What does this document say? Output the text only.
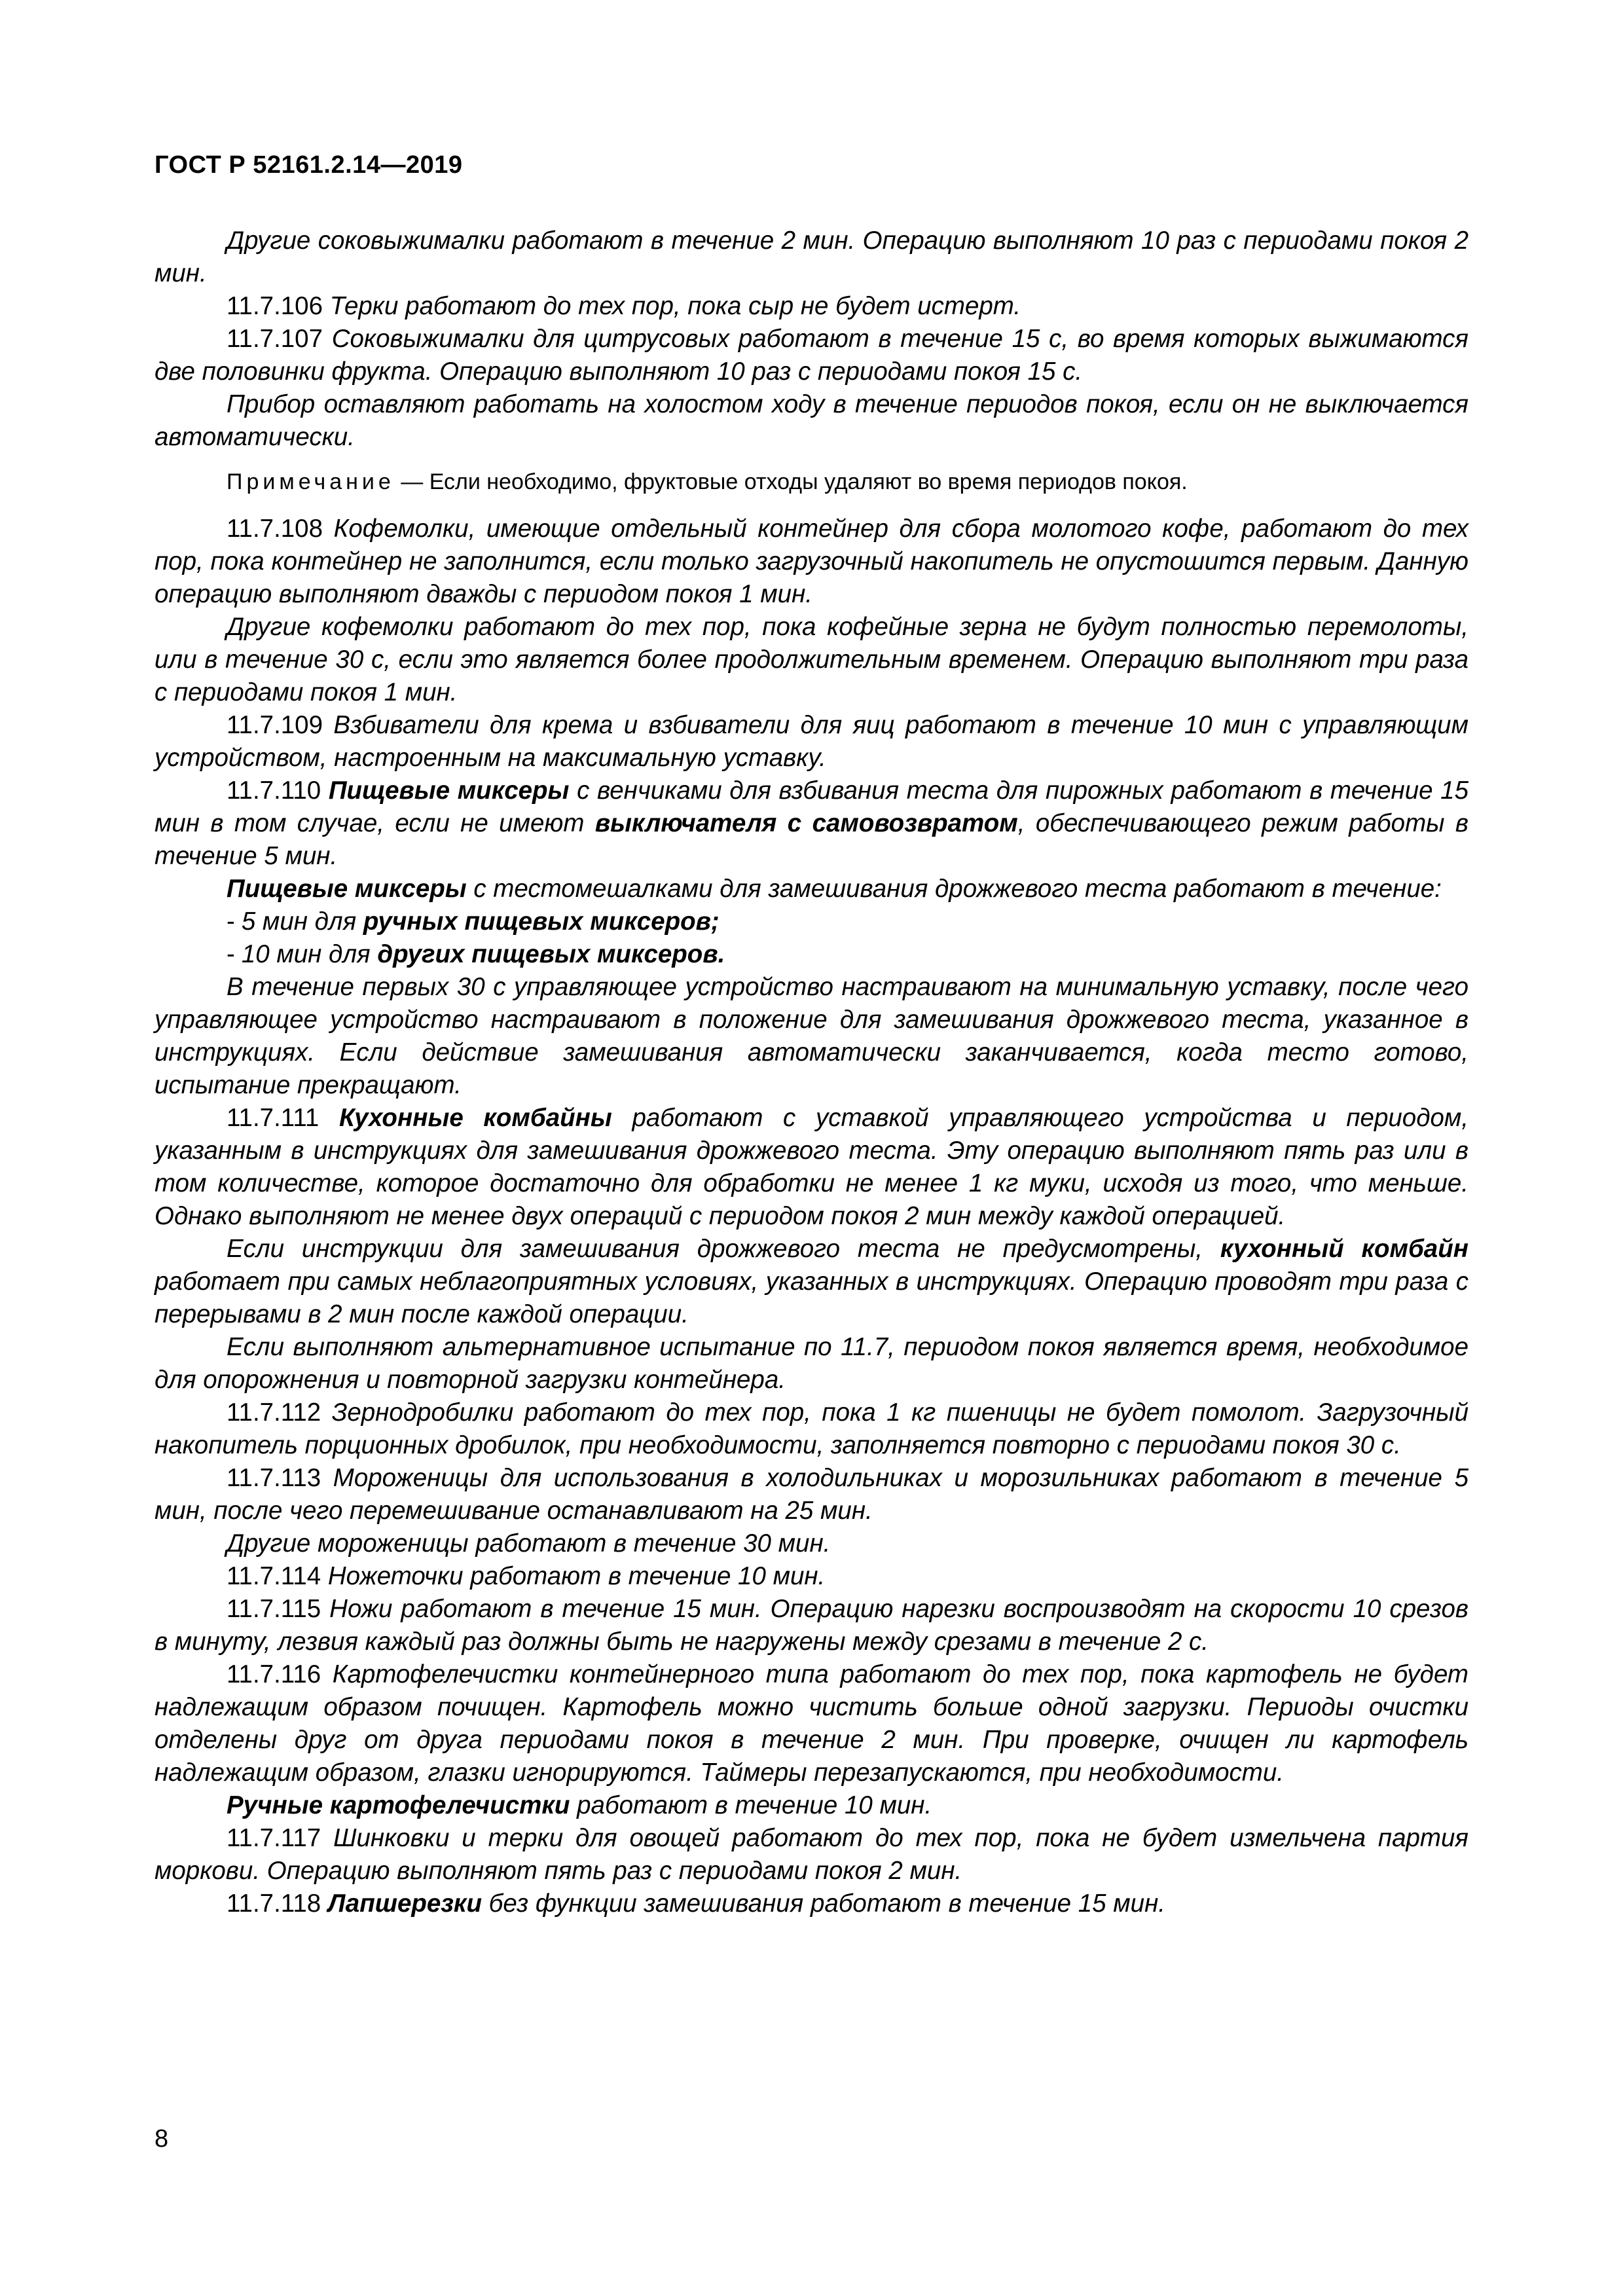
ГОСТ Р 52161.2.14—2019

Другие соковыжималки работают в течение 2 мин. Операцию выполняют 10 раз с периодами покоя 2 мин.

11.7.106 Терки работают до тех пор, пока сыр не будет истерт.

11.7.107 Соковыжималки для цитрусовых работают в течение 15 с, во время которых выжимаются две половинки фрукта. Операцию выполняют 10 раз с периодами покоя 15 с.

Прибор оставляют работать на холостом ходу в течение периодов покоя, если он не выключается автоматически.

Примечание — Если необходимо, фруктовые отходы удаляют во время периодов покоя.

11.7.108 Кофемолки, имеющие отдельный контейнер для сбора молотого кофе, работают до тех пор, пока контейнер не заполнится, если только загрузочный накопитель не опустошится первым. Данную операцию выполняют дважды с периодом покоя 1 мин.

Другие кофемолки работают до тех пор, пока кофейные зерна не будут полностью перемолоты, или в течение 30 с, если это является более продолжительным временем. Операцию выполняют три раза с периодами покоя 1 мин.

11.7.109 Взбиватели для крема и взбиватели для яиц работают в течение 10 мин с управляющим устройством, настроенным на максимальную уставку.

11.7.110 Пищевые миксеры с венчиками для взбивания теста для пирожных работают в течение 15 мин в том случае, если не имеют выключателя с самовозвратом, обеспечивающего режим работы в течение 5 мин.

Пищевые миксеры с тестомешалками для замешивания дрожжевого теста работают в течение:

- 5 мин для ручных пищевых миксеров;

- 10 мин для других пищевых миксеров.

В течение первых 30 с управляющее устройство настраивают на минимальную уставку, после чего управляющее устройство настраивают в положение для замешивания дрожжевого теста, указанное в инструкциях. Если действие замешивания автоматически заканчивается, когда тесто готово, испытание прекращают.

11.7.111 Кухонные комбайны работают с уставкой управляющего устройства и периодом, указанным в инструкциях для замешивания дрожжевого теста. Эту операцию выполняют пять раз или в том количестве, которое достаточно для обработки не менее 1 кг муки, исходя из того, что меньше. Однако выполняют не менее двух операций с периодом покоя 2 мин между каждой операцией.

Если инструкции для замешивания дрожжевого теста не предусмотрены, кухонный комбайн работает при самых неблагоприятных условиях, указанных в инструкциях. Операцию проводят три раза с перерывами в 2 мин после каждой операции.

Если выполняют альтернативное испытание по 11.7, периодом покоя является время, необходимое для опорожнения и повторной загрузки контейнера.

11.7.112 Зернодробилки работают до тех пор, пока 1 кг пшеницы не будет помолот. Загрузочный накопитель порционных дробилок, при необходимости, заполняется повторно с периодами покоя 30 с.

11.7.113 Мороженицы для использования в холодильниках и морозильниках работают в течение 5 мин, после чего перемешивание останавливают на 25 мин.

Другие мороженицы работают в течение 30 мин.

11.7.114 Ножеточки работают в течение 10 мин.

11.7.115 Ножи работают в течение 15 мин. Операцию нарезки воспроизводят на скорости 10 срезов в минуту, лезвия каждый раз должны быть не нагружены между срезами в течение 2 с.

11.7.116 Картофелечистки контейнерного типа работают до тех пор, пока картофель не будет надлежащим образом почищен. Картофель можно чистить больше одной загрузки. Периоды очистки отделены друг от друга периодами покоя в течение 2 мин. При проверке, очищен ли картофель надлежащим образом, глазки игнорируются. Таймеры перезапускаются, при необходимости.

Ручные картофелечистки работают в течение 10 мин.

11.7.117 Шинковки и терки для овощей работают до тех пор, пока не будет измельчена партия моркови. Операцию выполняют пять раз с периодами покоя 2 мин.

11.7.118 Лапшерезки без функции замешивания работают в течение 15 мин.

8
